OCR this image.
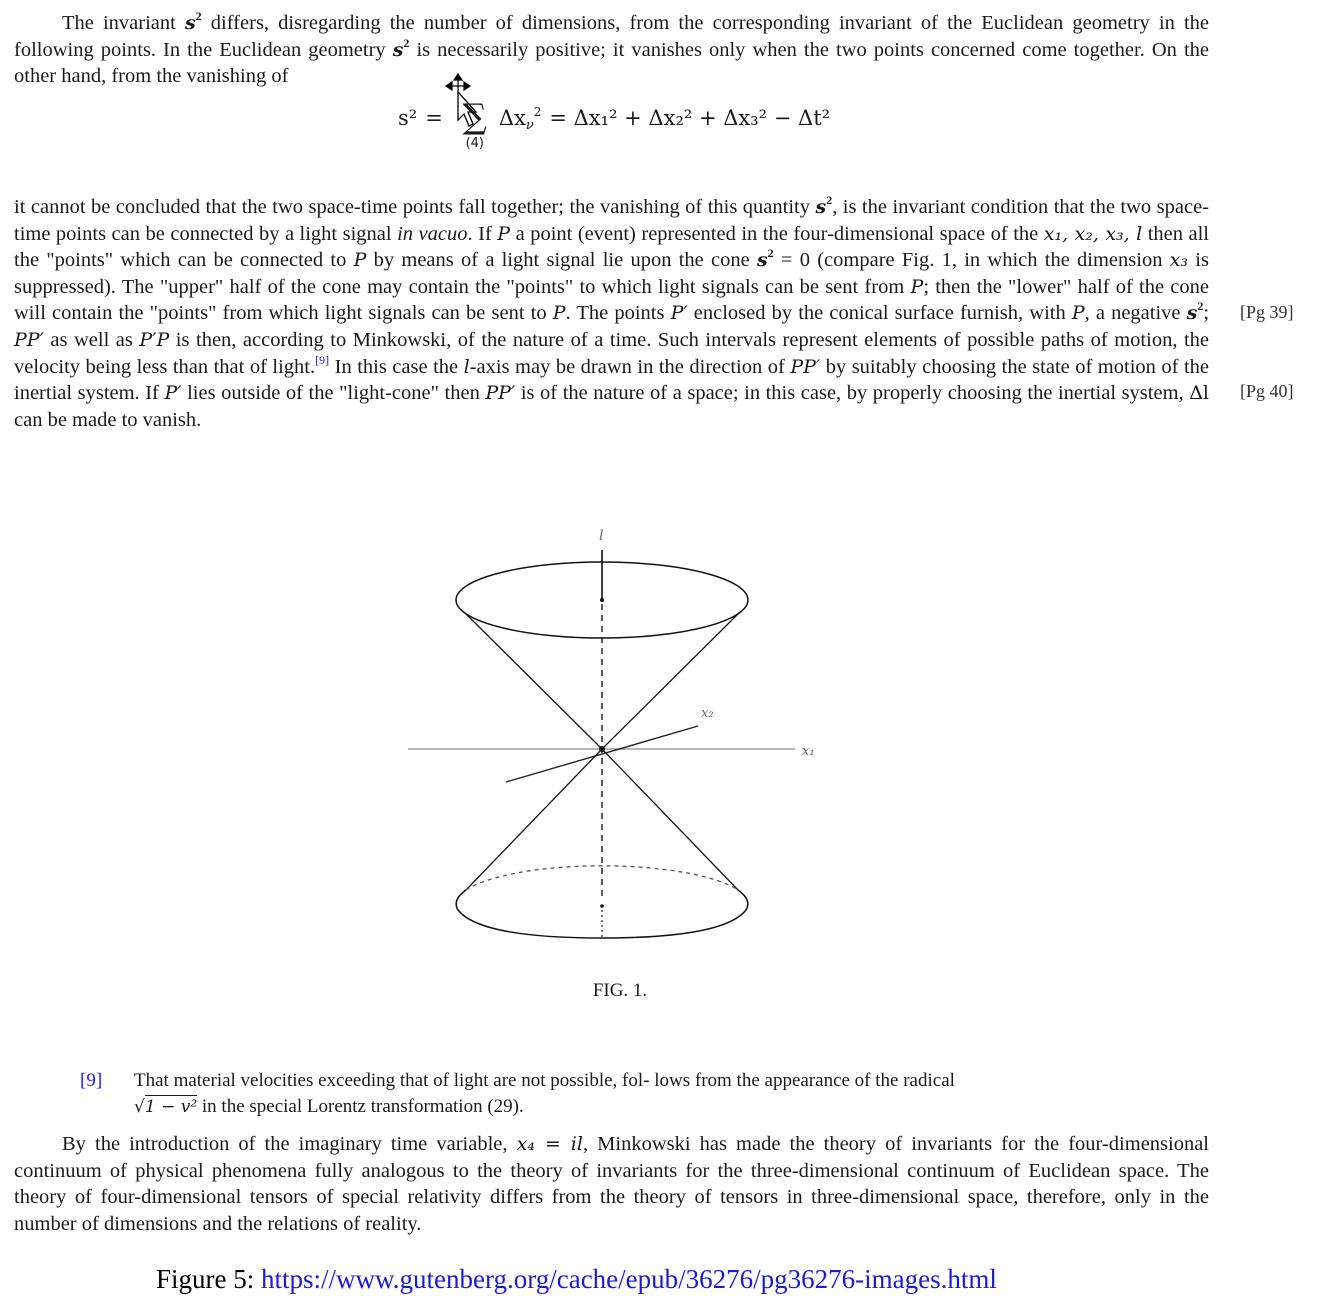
The invariant $s^2$ differs, disregarding the number of dimensions, from the corresponding invariant of the Euclidean geometry in the following points. In the Euclidean geometry $s^2$ is necessarily positive; it vanishes only when the two points concerned come together. On the other hand, from the vanishing of

s² = ∑
(4)
$\Delta x_\nu^2 = \Delta x_1^2 + \Delta x_2^2 + \Delta x_3^2 - \Delta t^2$

it cannot be concluded that the two space-time points fall together; the vanishing of this quantity $s^2$, is the invariant condition that the two space-time points can be connected by a light signal in vacuo. If P a point (event) represented in the four-dimensional space of the x₁, x₂, x₃, l then all the "points" which can be connected to P by means of a light signal lie upon the cone $s^2 = 0$ (compare Fig. 1, in which the dimension x₃ is suppressed). The "upper" half of the cone may contain the "points" to which light signals can be sent from P; then the "lower" half of the cone will contain the "points" from which light signals can be sent to P. The points P′ enclosed by the conical surface furnish, with P, a negative $s^2$; PP′ as well as P′P is then, according to Minkowski, of the nature of a time. Such intervals represent elements of possible paths of motion, the velocity being less than that of light.[9] In this case the l-axis may be drawn in the direction of PP′ by suitably choosing the state of motion of the inertial system. If P′ lies outside of the "light-cone" then PP′ is of the nature of a space; in this case, by properly choosing the inertial system, Δl can be made to vanish.

[Pg 39]
[Pg 40]
l
x₁
x₂
FIG. 1.
[9] That material velocities exceeding that of light are not possible, fol- lows from the appearance of the radical
√1 − v² in the special Lorentz transformation (29).

By the introduction of the imaginary time variable, x₄ = il, Minkowski has made the theory of invariants for the four-dimensional continuum of physical phenomena fully analogous to the theory of invariants for the three-dimensional continuum of Euclidean space. The theory of four-dimensional tensors of special relativity differs from the theory of tensors in three-dimensional space, therefore, only in the number of dimensions and the relations of reality.

Figure 5: https://www.gutenberg.org/cache/epub/36276/pg36276-images.html
